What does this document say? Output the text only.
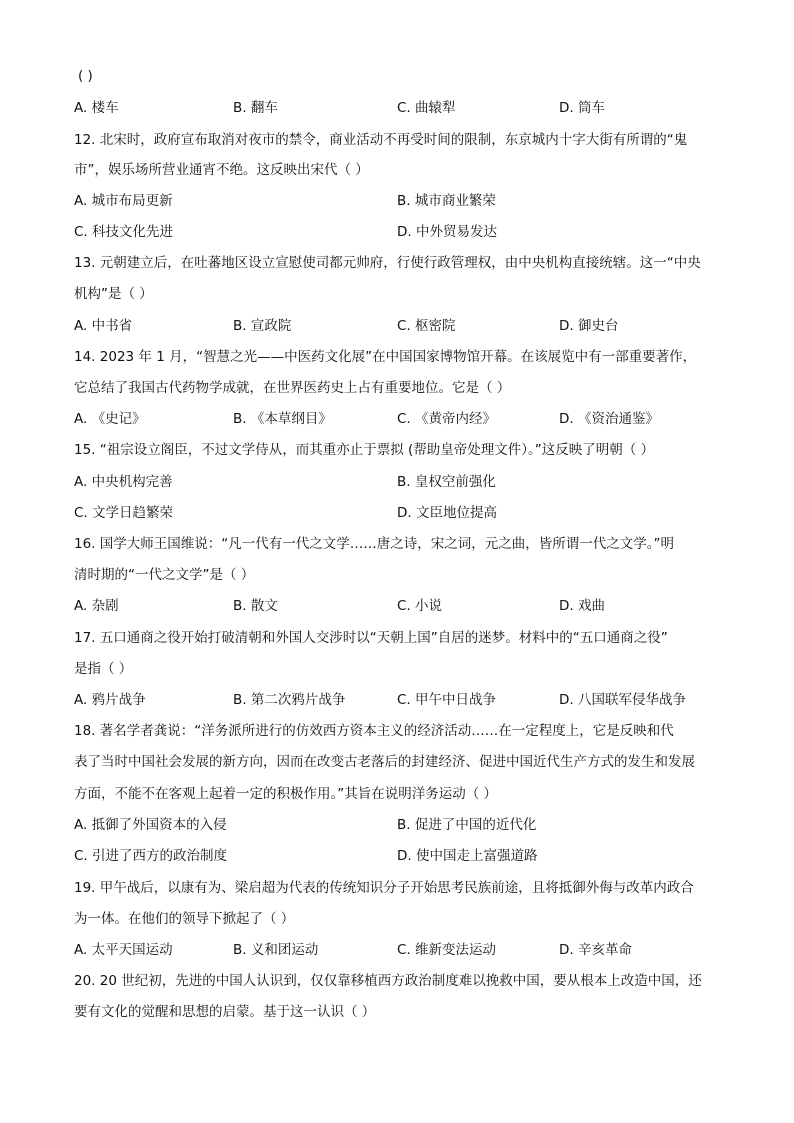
( )
A. 楼车	B. 翻车	C. 曲辕犁	D. 筒车
12. 北宋时，政府宣布取消对夜市的禁令，商业活动不再受时间的限制，东京城内十字大街有所谓的“鬼
市”，娱乐场所营业通宵不绝。这反映出宋代（ ）
A. 城市布局更新	B. 城市商业繁荣
C. 科技文化先进	D. 中外贸易发达
13. 元朝建立后，在吐蕃地区设立宣慰使司都元帅府，行使行政管理权，由中央机构直接统辖。这一“中央
机构”是（ ）
A. 中书省	B. 宣政院	C. 枢密院	D. 御史台
14. 2023 年 1 月，“智慧之光——中医药文化展”在中国国家博物馆开幕。在该展览中有一部重要著作，
它总结了我国古代药物学成就，在世界医药史上占有重要地位。它是（ ）
A. 《史记》	B. 《本草纲目》	C. 《黄帝内经》	D. 《资治通鉴》
15. “祖宗设立阁臣，不过文学侍从，而其重亦止于票拟 (帮助皇帝处理文件）。”这反映了明朝（ ）
A. 中央机构完善	B. 皇权空前强化
C. 文学日趋繁荣	D. 文臣地位提高
16. 国学大师王国维说：“凡一代有一代之文学……唐之诗，宋之词，元之曲，皆所谓一代之文学。”明
清时期的“一代之文学”是（ ）
A. 杂剧	B. 散文	C. 小说	D. 戏曲
17. 五口通商之役开始打破清朝和外国人交涉时以“天朝上国”自居的迷梦。材料中的“五口通商之役”
是指（ ）
A. 鸦片战争	B. 第二次鸦片战争	C. 甲午中日战争	D. 八国联军侵华战争
18. 著名学者龚说：“洋务派所进行的仿效西方资本主义的经济活动……在一定程度上，它是反映和代
表了当时中国社会发展的新方向，因而在改变古老落后的封建经济、促进中国近代生产方式的发生和发展
方面，不能不在客观上起着一定的积极作用。”其旨在说明洋务运动（ ）
A. 抵御了外国资本的入侵	B. 促进了中国的近代化
C. 引进了西方的政治制度	D. 使中国走上富强道路
19. 甲午战后，以康有为、梁启超为代表的传统知识分子开始思考民族前途，且将抵御外侮与改革内政合
为一体。在他们的领导下掀起了（ ）
A. 太平天国运动	B. 义和团运动	C. 维新变法运动	D. 辛亥革命
20. 20 世纪初，先进的中国人认识到，仅仅靠移植西方政治制度难以挽救中国，要从根本上改造中国，还
要有文化的觉醒和思想的启蒙。基于这一认识（ ）
